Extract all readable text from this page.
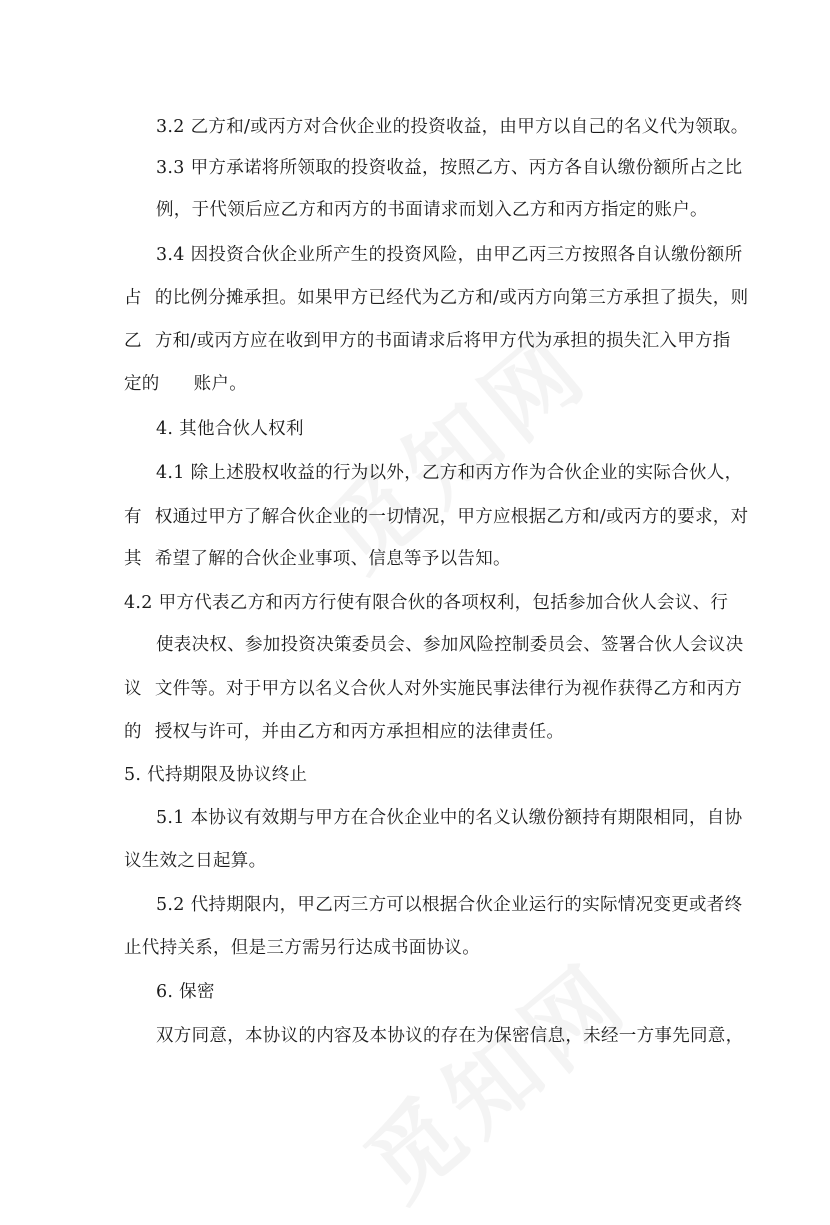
3.2 乙方和/或丙方对合伙企业的投资收益，由甲方以自己的名义代为领取。
3.3 甲方承诺将所领取的投资收益，按照乙方、丙方各自认缴份额所占之比
例，于代领后应乙方和丙方的书面请求而划入乙方和丙方指定的账户。
3.4 因投资合伙企业所产生的投资风险，由甲乙丙三方按照各自认缴份额所
占 的比例分摊承担。如果甲方已经代为乙方和/或丙方向第三方承担了损失，则
乙 方和/或丙方应在收到甲方的书面请求后将甲方代为承担的损失汇入甲方指
定的 账户。
4. 其他合伙人权利
4.1 除上述股权收益的行为以外，乙方和丙方作为合伙企业的实际合伙人，
有 权通过甲方了解合伙企业的一切情况，甲方应根据乙方和/或丙方的要求，对
其 希望了解的合伙企业事项、信息等予以告知。
4.2 甲方代表乙方和丙方行使有限合伙的各项权利，包括参加合伙人会议、行
使表决权、参加投资决策委员会、参加风险控制委员会、签署合伙人会议决
议 文件等。对于甲方以名义合伙人对外实施民事法律行为视作获得乙方和丙方
的 授权与许可，并由乙方和丙方承担相应的法律责任。
5. 代持期限及协议终止
5.1 本协议有效期与甲方在合伙企业中的名义认缴份额持有期限相同，自协
议生效之日起算。
5.2 代持期限内，甲乙丙三方可以根据合伙企业运行的实际情况变更或者终
止代持关系，但是三方需另行达成书面协议。
6. 保密
双方同意，本协议的内容及本协议的存在为保密信息，未经一方事先同意，
